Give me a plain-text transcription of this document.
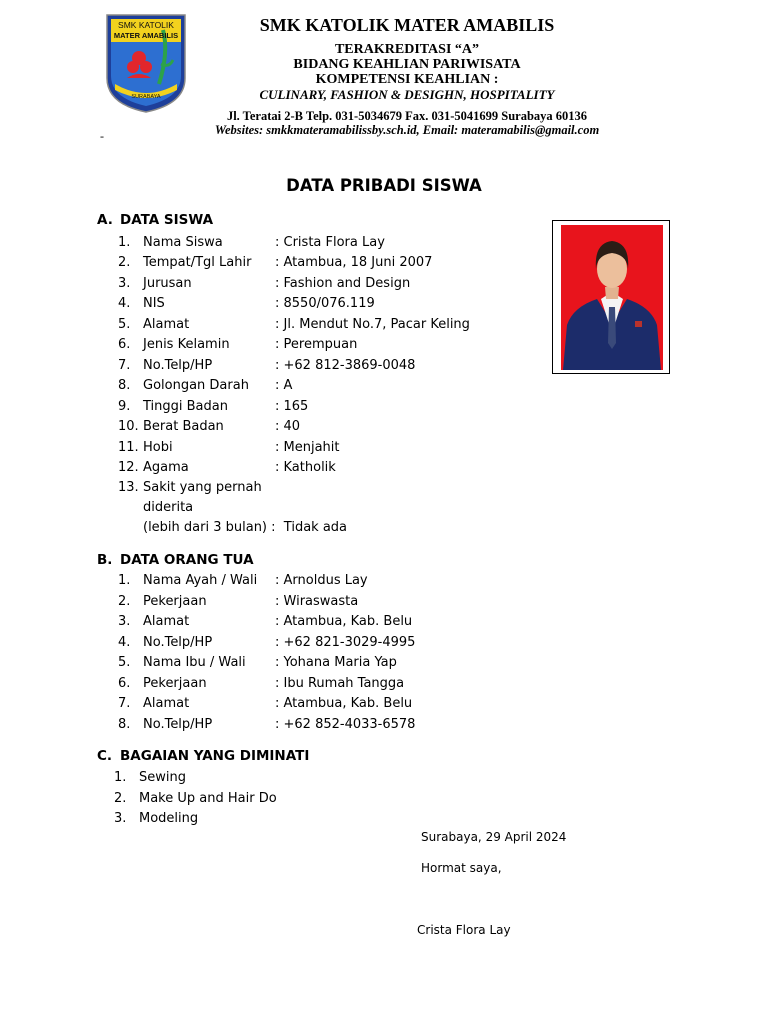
SMK KATOLIK
MATER AMABILIS
SURABAYA
SMK KATOLIK MATER AMABILIS
TERAKREDITASI “A”
BIDANG KEAHLIAN PARIWISATA
KOMPETENSI KEAHLIAN :
CULINARY, FASHION & DESIGHN, HOSPITALITY
Jl. Teratai 2-B Telp. 031-5034679 Fax. 031-5041699 Surabaya 60136
Websites: smkkmateramabilissby.sch.id, Email: materamabilis@gmail.com
-
DATA PRIBADI SISWA
A. DATA SISWA
1. Nama Siswa	: Crista Flora Lay
2. Tempat/Tgl Lahir : Atambua, 18 Juni 2007
3. Jurusan	: Fashion and Design
4. NIS	: 8550/076.119
5. Alamat	: Jl. Mendut No.7, Pacar Keling
6. Jenis Kelamin	: Perempuan
7. No.Telp/HP	: +62 812-3869-0048
8. Golongan Darah : A
9. Tinggi Badan	: 165
10. Berat Badan	: 40
11. Hobi	: Menjahit
12. Agama	: Katholik
13. Sakit yang pernah
diderita
(lebih dari 3 bulan) : Tidak ada
B. DATA ORANG TUA
1. Nama Ayah / Wali : Arnoldus Lay
2. Pekerjaan	: Wiraswasta
3. Alamat	: Atambua, Kab. Belu
4. No.Telp/HP	: +62 821-3029-4995
5. Nama Ibu / Wali : Yohana Maria Yap
6. Pekerjaan	: Ibu Rumah Tangga
7. Alamat	: Atambua, Kab. Belu
8. No.Telp/HP	: +62 852-4033-6578
C. BAGAIAN YANG DIMINATI
1. Sewing
2. Make Up and Hair Do
3. Modeling
Surabaya, 29 April 2024
Hormat saya,
Crista Flora Lay
